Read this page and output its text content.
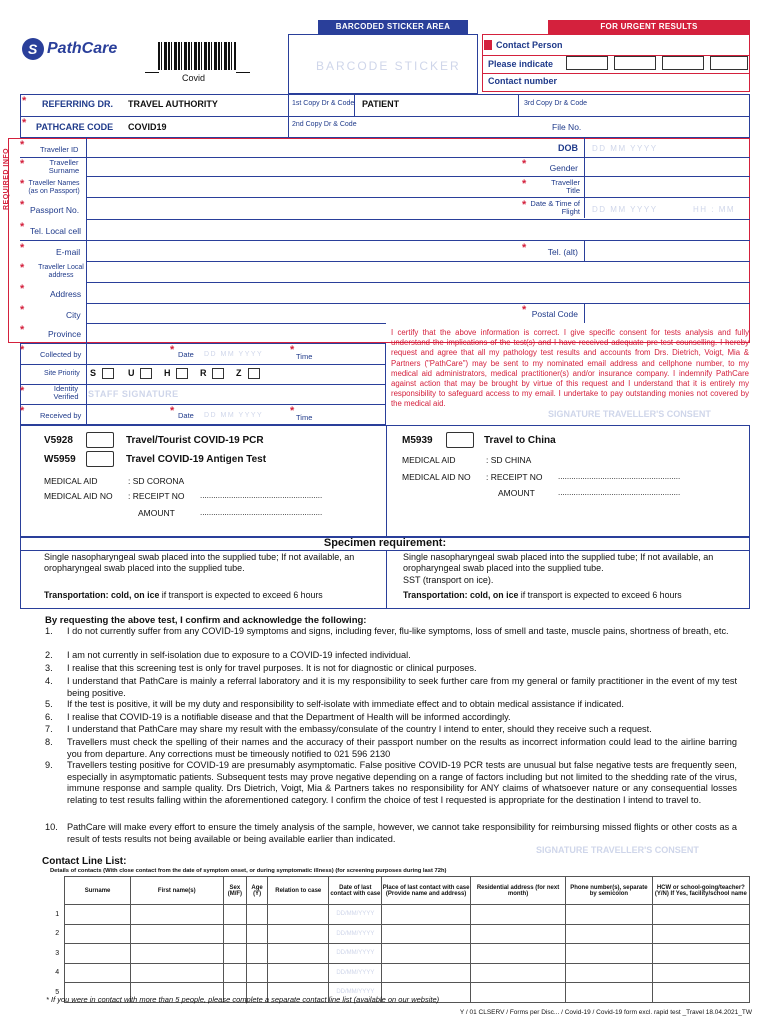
BARCODED STICKER AREA	FOR URGENT RESULTS
S PathCare
Covid
BARCODE STICKER
Contact Person
Please indicate
Contact number
* REFERRING DR. TRAVEL AUTHORITY	1st Copy Dr & Code PATIENT	3rd Copy Dr & Code
* PATHCARE CODE COVID19	2nd Copy Dr & Code	File No.
REQUIRED INFO
* Traveller ID	DOB DD MM YYYY
*	Traveller Surname
*	Gender
* Traveller Names (as on Passport)
*	Traveller Title
* Passport No.	* Date & Time of Flight DD MM YYYY	HH : MM
* Tel. Local cell
*	E-mail	*	Tel. (alt)
* Traveller Local address
*	Address
*	City	* Postal Code
*	Province	I certify that the above information is correct. I give specific consent for tests analysis and fully understand the implications of the test(s) and I have received adequate pre-test counselling. I hereby request and agree that all my pathology test results and accounts from Drs. Dietrich, Voigt, Mia & Partners ("PathCare") may be sent to my nominated email address and cellphone number, to my medical aid administrators, medical practitioner(s) and/or insurance company. I indemnify PathCare against action that may be brought by virtue of this request and I understand that it is entirely my responsibility to safeguard access to my email. I undertake to pay outstanding monies not covered by the medical aid.
SIGNATURE TRAVELLER'S CONSENT
* Collected by	* Date DD MM YYYY *
Time
Site Priority S	U	H	R	Z
*	Identity Verified	STAFF SIGNATURE
* Received by	* Date DD MM YYYY *
Time
V5928	Travel/Tourist COVID-19 PCR
W5959	Travel COVID-19 Antigen Test
MEDICAL AID	: SD CORONA
MEDICAL AID NO : RECEIPT NO .......................................................
AMOUNT	.......................................................
M5939	Travel to China
MEDICAL AID	: SD CHINA
MEDICAL AID NO : RECEIPT NO .......................................................
AMOUNT	.......................................................
Specimen requirement:
Single nasopharyngeal swab placed into the supplied tube; If not available, an oropharyngeal swab placed into the supplied tube.
Single nasopharyngeal swab placed into the supplied tube; If not available, an oropharyngeal swab placed into the supplied tube.
SST (transport on ice).
Transportation: cold, on ice if transport is expected to exceed 6 hours	Transportation: cold, on ice if transport is expected to exceed 6 hours
By requesting the above test, I confirm and acknowledge the following:
1. I do not currently suffer from any COVID-19 symptoms and signs, including fever, flu-like symptoms, loss of smell and taste, muscle pains, shortness of breath, etc.
2. I am not currently in self-isolation due to exposure to a COVID-19 infected individual.
3. I realise that this screening test is only for travel purposes. It is not for diagnostic or clinical purposes.
4. I understand that PathCare is mainly a referral laboratory and it is my responsibility to seek further care from my general or family practitioner in the event of my test being positive.
5. If the test is positive, it will be my duty and responsibility to self-isolate with immediate effect and to obtain medical assistance if indicated.
6. I realise that COVID-19 is a notifiable disease and that the Department of Health will be informed accordingly.
7. I understand that PathCare may share my result with the embassy/consulate of the country I intend to enter, should they receive such a request.
8. Travellers must check the spelling of their names and the accuracy of their passport number on the results as incorrect information could lead to the airline barring you from departure. Any corrections must be timeously notified to 021 596 2130
9. Travellers testing positive for COVID-19 are presumably asymptomatic. False positive COVID-19 PCR tests are unusual but false negative tests are frequently seen, especially in asymptomatic patients. Subsequent tests may prove negative depending on a range of factors including but not limited to the shedding rate of the virus, immune response and sample quality. Drs Dietrich, Voigt, Mia & Partners takes no responsibility for ANY claims of whatsoever nature or any consequential losses relating to test results falling within the aforementioned category. I confirm the choice of test I requested is appropriate for the destination I intend to travel to.
10. PathCare will make every effort to ensure the timely analysis of the sample, however, we cannot take responsibility for reimbursing missed flights or other costs as a result of tests results not being available or being available earlier than indicated.
SIGNATURE TRAVELLER'S CONSENT
Contact Line List:
Details of contacts (With close contact from the date of symptom onset, or during symptomatic illness) (for screening purposes during last 72h)
	Surname	First name(s)	Sex (M/F)	Age (Y)	Relation to case	Date of last contact with case	Place of last contact with case (Provide name and address)	Residential address (for next month)	Phone number(s), separate by semicolon	HCW or school-going/teacher? (Y/N) If Yes, facility/school name
1						DD/MM/YYYY				
2						DD/MM/YYYY				
3						DD/MM/YYYY				
4						DD/MM/YYYY				
5						DD/MM/YYYY				
* If you were in contact with more than 5 people, please complete a separate contact line list (available on our website)
Y / 01 CLSERV / Forms per Disc... / Covid-19 / Covid-19 form excl. rapid test _Travel 18.04.2021_TW
